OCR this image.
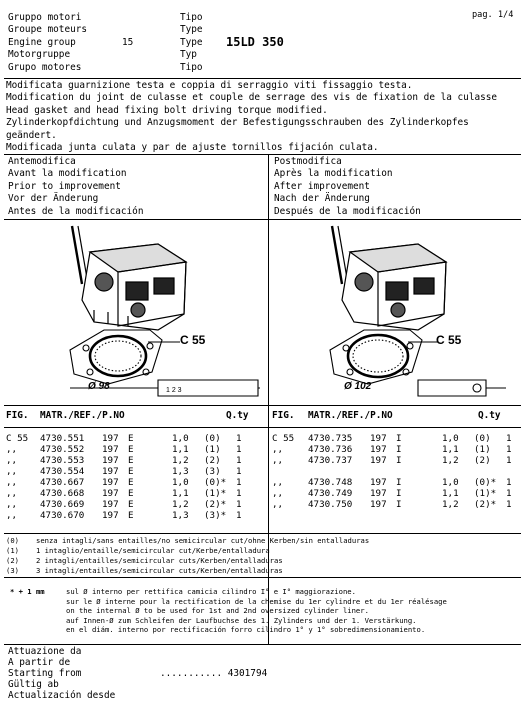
Gruppo motori
Groupe moteurs
Engine group
Motorgruppe
Grupo motores
15
Tipo
Type
Type
Typ
Tipo
15LD 350
pag. 1/4
Modificata guarnizione testa e coppia di serraggio viti fissaggio testa.
Modification du joint de culasse et couple de serrage des vis de fixation de la culasse
Head gasket and head fixing bolt driving torque modified.
Zylinderkopfdichtung und Anzugsmoment der Befestigungsschrauben des Zylinderkopfes
geändert.
Modificada junta culata y par de ajuste tornillos fijación culata.
Antemodifica
Avant la modification
Prior to improvement
Vor der Änderung
Antes de la modificación
Postmodifica
Après la modification
After improvement
Nach der Änderung
Después de la modificación
1 2 3
C 55
Ø 98
C 55
Ø 102
FIG. MATR./REF./P.NO	Q.ty FIG. MATR./REF./P.NO	Q.ty
C 55	4730.551	197	E	1,0	(0)	1
,,	4730.552	197	E	1,1	(1)	1
,,	4730.553	197	E	1,2	(2)	1
,,	4730.554	197	E	1,3	(3)	1
,,	4730.667	197	E	1,0	(0)*	1
,,	4730.668	197	E	1,1	(1)*	1
,,	4730.669	197	E	1,2	(2)*	1
,,	4730.670	197	E	1,3	(3)*	1
C 55	4730.735	197	I	1,0	(0)	1
,,	4730.736	197	I	1,1	(1)	1
,,	4730.737	197	I	1,2	(2)	1

,,	4730.748	197	I	1,0	(0)*	1
,,	4730.749	197	I	1,1	(1)*	1
,,	4730.750	197	I	1,2	(2)*	1

(0) senza intagli/sans entailles/no semicircular cut/ohne Kerben/sin entalladuras
(1) 1 intaglio/entaille/semicircular cut/Kerbe/entalladura
(2) 2 intagli/entailles/semicircular cuts/Kerben/entalladuras
(3) 3 intagli/entailles/semicircular cuts/Kerben/entalladuras
* + 1 mm	sul Ø interno per rettifica camicia cilindro I° e I° maggiorazione.
sur le Ø interne pour la rectification de la chemise du 1er cylindre et du 1er réalésage
on the internal Ø to be used for 1st and 2nd oversized cylinder liner.
auf Innen-Ø zum Schleifen der Laufbuchse des 1. Zylinders und der 1. Verstärkung.
en el diám. interno por rectificación forro cilindro 1° y 1° sobredimensionamiento.
Attuazione da
A partir de
Starting from
Gültig ab
Actualización desde
........... 4301794
